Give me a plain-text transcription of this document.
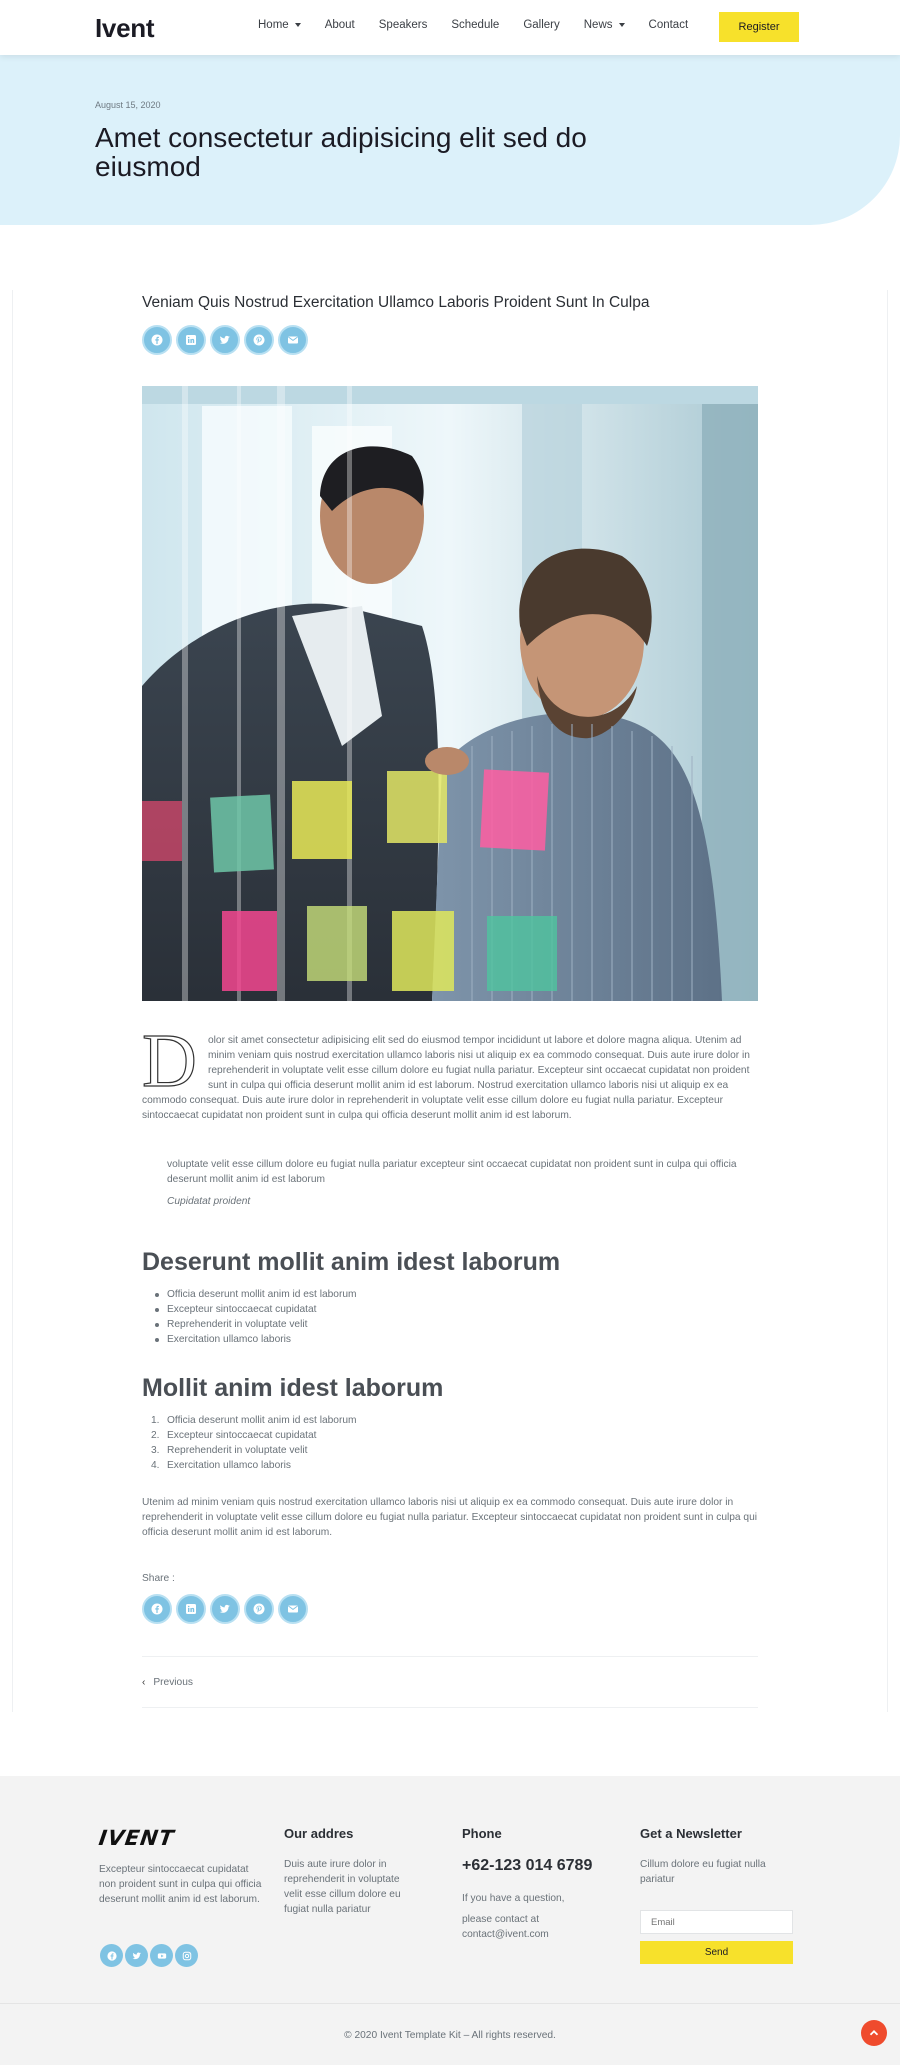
Ivent	Home	About Speakers Schedule Gallery News	Contact	Register
August 15, 2020
Amet consectetur adipisicing elit sed do eiusmod
Veniam Quis Nostrud Exercitation Ullamco Laboris Proident Sunt In Culpa
D	olor sit amet consectetur adipisicing elit sed do eiusmod tempor incididunt ut labore et dolore magna aliqua. Utenim ad minim veniam quis nostrud exercitation ullamco laboris nisi ut aliquip ex ea commodo consequat. Duis aute irure dolor in reprehenderit in voluptate velit esse cillum dolore eu fugiat nulla pariatur. Excepteur sint occaecat cupidatat non proident sunt in culpa qui officia deserunt mollit anim id est laborum. Nostrud exercitation ullamco laboris nisi ut aliquip ex ea commodo consequat. Duis aute irure dolor in reprehenderit in voluptate velit esse cillum dolore eu fugiat nulla pariatur. Excepteur sintoccaecat cupidatat non proident sunt in culpa qui officia deserunt mollit anim id est laborum.
voluptate velit esse cillum dolore eu fugiat nulla pariatur excepteur sint occaecat cupidatat non proident sunt in culpa qui officia deserunt mollit anim id est laborum
Cupidatat proident
Deserunt mollit anim idest laborum
Officia deserunt mollit anim id est laborum
Excepteur sintoccaecat cupidatat
Reprehenderit in voluptate velit
Exercitation ullamco laboris
Mollit anim idest laborum
1. Officia deserunt mollit anim id est laborum
2. Excepteur sintoccaecat cupidatat
3. Reprehenderit in voluptate velit
4. Exercitation ullamco laboris
Utenim ad minim veniam quis nostrud exercitation ullamco laboris nisi ut aliquip ex ea commodo consequat. Duis aute irure dolor in reprehenderit in voluptate velit esse cillum dolore eu fugiat nulla pariatur. Excepteur sintoccaecat cupidatat non proident sunt in culpa qui officia deserunt mollit anim id est laborum.
Share :
‹ Previous
IVENT
Excepteur sintoccaecat cupidatat non proident sunt in culpa qui officia deserunt mollit anim id est laborum.
Our addres
Duis aute irure dolor in reprehenderit in voluptate velit esse cillum dolore eu fugiat nulla pariatur
Phone
+62-123 014 6789
If you have a question,
please contact at contact@ivent.com
Get a Newsletter
Cillum dolore eu fugiat nulla pariatur
Email
Send
© 2020 Ivent Template Kit – All rights reserved.
